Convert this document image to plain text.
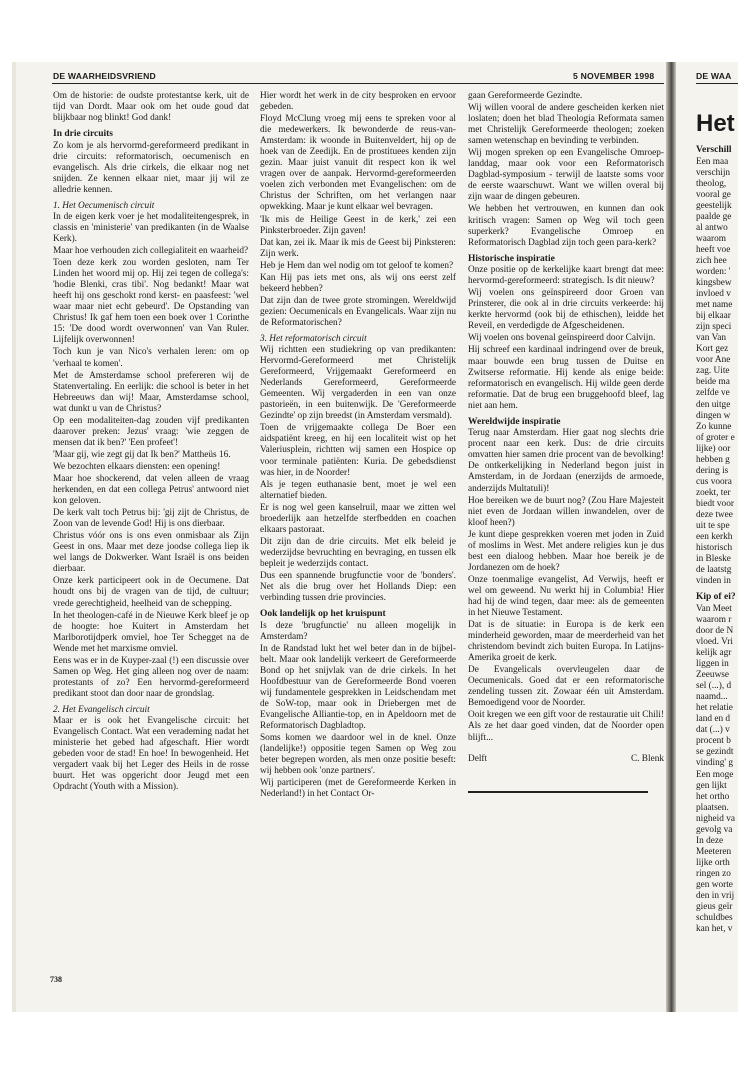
DE WAARHEIDSVRIEND	5 NOVEMBER 1998

Om de historie: de oudste protestantse kerk, uit de tijd van Dordt. Maar ook om het oude goud dat blijkbaar nog blinkt! God dank!

In drie circuits

Zo kom je als hervormd-gereformeerd predikant in drie circuits: reformatorisch, oecumenisch en evangelisch. Als drie cirkels, die elkaar nog net snijden. Ze kennen elkaar niet, maar jij wil ze alledrie kennen.

1. Het Oecumenisch circuit

In de eigen kerk voer je het modaliteitengesprek, in classis en 'ministerie' van predikanten (in de Waalse Kerk).

Maar hoe verhouden zich collegialiteit en waarheid?

Toen deze kerk zou worden gesloten, nam Ter Linden het woord mij op. Hij zei tegen de collega's: 'hodie Blenki, cras tibi'. Nog bedankt! Maar wat heeft hij ons geschokt rond kerst- en paasfeest: 'wel waar maar niet echt gebeurd'. De Opstanding van Christus! Ik gaf hem toen een boek over 1 Corinthe 15: 'De dood wordt overwonnen' van Van Ruler. Lijfelijk overwonnen!

Toch kun je van Nico's verhalen leren: om op 'verhaal te komen'.

Met de Amsterdamse school prefereren wij de Statenvertaling. En eerlijk: die school is beter in het Hebreeuws dan wij! Maar, Amsterdamse school, wat dunkt u van de Christus?

Op een modaliteiten-dag zouden vijf predikanten daarover preken: Jezus' vraag: 'wie zeggen de mensen dat ik ben?' 'Een profeet'!

'Maar gij, wie zegt gij dat Ik ben?' Mattheüs 16.

We bezochten elkaars diensten: een opening!

Maar hoe shockerend, dat velen alleen de vraag herkenden, en dat een collega Petrus' antwoord niet kon geloven.

De kerk valt toch Petrus bij: 'gij zijt de Christus, de Zoon van de levende God! Hij is ons dierbaar.

Christus vóór ons is ons even onmisbaar als Zijn Geest in ons. Maar met deze joodse collega liep ik wel langs de Dokwerker. Want Israël is ons beiden dierbaar.

Onze kerk participeert ook in de Oecumene. Dat houdt ons bij de vragen van de tijd, de cultuur; vrede gerechtigheid, heelheid van de schepping.

In het theologen-café in de Nieuwe Kerk bleef je op de hoogte: hoe Kuitert in Amsterdam het Marlborotijdperk omviel, hoe Ter Schegget na de Wende met het marxisme omviel.

Eens was er in de Kuyper-zaal (!) een discussie over Samen op Weg. Het ging alleen nog over de naam: protestants of zo? Een hervormd-gereformeerd predikant stoot dan door naar de grondslag.

2. Het Evangelisch circuit

Maar er is ook het Evangelische circuit: het Evangelisch Contact. Wat een verademing nadat het ministerie het gebed had afgeschaft. Hier wordt gebeden voor de stad! En hoe! In bewogenheid. Het vergadert vaak bij het Leger des Heils in de rosse buurt. Het was opgericht door Jeugd met een Opdracht (Youth with a Mission).

Hier wordt het werk in de city besproken en ervoor gebeden.

Floyd McClung vroeg mij eens te spreken voor al die medewerkers. Ik bewonderde de reus-van-Amsterdam: ik woonde in Buitenveldert, hij op de hoek van de Zeedijk. En de prostituees kenden zijn gezin. Maar juist vanuit dit respect kon ik wel vragen over de aanpak. Hervormd-gereformeerden voelen zich verbonden met Evangelischen: om de Christus der Schriften, om het verlangen naar opwekking. Maar je kunt elkaar wel bevragen.

'Ik mis de Heilige Geest in de kerk,' zei een Pinksterbroeder. Zijn gaven!

Dat kan, zei ik. Maar ik mis de Geest bij Pinksteren: Zijn werk.

Heb je Hem dan wel nodig om tot geloof te komen?

Kan Hij pas iets met ons, als wij ons eerst zelf bekeerd hebben?

Dat zijn dan de twee grote stromingen. Wereldwijd gezien: Oecumenicals en Evangelicals. Waar zijn nu de Reformatorischen?

3. Het reformatorisch circuit

Wij richtten een studiekring op van predikanten: Hervormd-Gereformeerd met Christelijk Gereformeerd, Vrijgemaakt Gereformeerd en Nederlands Gereformeerd, Gereformeerde Gemeenten. Wij vergaderden in een van onze pastorieën, in een buitenwijk. De 'Gereformeerde Gezindte' op zijn breedst (in Amsterdam versmald).

Toen de vrijgemaakte collega De Boer een aidspatiënt kreeg, en hij een localiteit wist op het Valeriusplein, richtten wij samen een Hospice op voor terminale patiënten: Kuria. De gebedsdienst was hier, in de Noorder!

Als je tegen euthanasie bent, moet je wel een alternatief bieden.

Er is nog wel geen kanselruil, maar we zitten wel broederlijk aan hetzelfde sterfbedden en coachen elkaars pastoraat.

Dit zijn dan de drie circuits. Met elk beleid je wederzijdse bevruchting en bevraging, en tussen elk bepleit je wederzijds contact.

Dus een spannende brugfunctie voor de 'bonders'. Net als die brug over het Hollands Diep: een verbinding tussen drie provincies.

Ook landelijk op het kruispunt

Is deze 'brugfunctie' nu alleen mogelijk in Amsterdam?

In de Randstad lukt het wel beter dan in de bijbel-belt. Maar ook landelijk verkeert de Gereformeerde Bond op het snijvlak van de drie cirkels. In het Hoofdbestuur van de Gereformeerde Bond voeren wij fundamentele gesprekken in Leidschendam met de SoW-top, maar ook in Driebergen met de Evangelische Alliantie-top, en in Apeldoorn met de Reformatorisch Dagbladtop.

Soms komen we daardoor wel in de knel. Onze (landelijke!) oppositie tegen Samen op Weg zou beter begrepen worden, als men onze positie beseft: wij hebben ook 'onze partners'.

Wij participeren (met de Gereformeerde Kerken in Nederland!) in het Contact Or-

gaan Gereformeerde Gezindte.

Wij willen vooral de andere gescheiden kerken niet loslaten; doen het blad Theologia Reformata samen met Christelijk Gereformeerde theologen; zoeken samen wetenschap en bevinding te verbinden.

Wij mogen spreken op een Evangelische Omroep-landdag, maar ook voor een Reformatorisch Dagblad-symposium - terwijl de laatste soms voor de eerste waarschuwt. Want we willen overal bij zijn waar de dingen gebeuren.

We hebben het vertrouwen, en kunnen dan ook kritisch vragen: Samen op Weg wil toch geen superkerk? Evangelische Omroep en Reformatorisch Dagblad zijn toch geen para-kerk?

Historische inspiratie

Onze positie op de kerkelijke kaart brengt dat mee: hervormd-gereformeerd: strategisch. Is dit nieuw?

Wij voelen ons geïnspireerd door Groen van Prinsterer, die ook al in drie circuits verkeerde: hij kerkte hervormd (ook bij de ethischen), leidde het Reveil, en verdedigde de Afgescheidenen.

Wij voelen ons bovenal geïnspireerd door Calvijn.

Hij schreef een kardinaal indringend over de breuk, maar bouwde een brug tussen de Duitse en Zwitserse reformatie. Hij kende als enige beide: reformatorisch en evangelisch. Hij wilde geen derde reformatie. Dat de brug een bruggehoofd bleef, lag niet aan hem.

Wereldwijde inspiratie

Terug naar Amsterdam. Hier gaat nog slechts drie procent naar een kerk. Dus: de drie circuits omvatten hier samen drie procent van de bevolking! De ontkerkelijking in Nederland begon juist in Amsterdam, in de Jordaan (enerzijds de armoede, anderzijds Multatuli)!

Hoe bereiken we de buurt nog? (Zou Hare Majesteit niet even de Jordaan willen inwandelen, over de kloof heen?)

Je kunt diepe gesprekken voeren met joden in Zuid of moslims in West. Met andere religies kun je dus best een dialoog hebben. Maar hoe bereik je de Jordanezen om de hoek?

Onze toenmalige evangelist, Ad Verwijs, heeft er wel om geweend. Nu werkt hij in Columbia! Hier had hij de wind tegen, daar mee: als de gemeenten in het Nieuwe Testament.

Dat is de situatie: in Europa is de kerk een minderheid geworden, maar de meerderheid van het christendom bevindt zich buiten Europa. In Latijns-Amerika groeit de kerk.

De Evangelicals overvleugelen daar de Oecumenicals. Goed dat er een reformatorische zendeling tussen zit. Zowaar één uit Amsterdam. Bemoedigend voor de Noorder.

Ooit kregen we een gift voor de restauratie uit Chili! Als ze het daar goed vinden, dat de Noorder open blijft...

Delft	C. Blenk
738
DE WAA
Het
Verschill
Een maa
verschijn
theolog,
vooral ge
geestelijk
paalde ge
al antwo
waarom
heeft voe
zich hee
worden: '
kingsbew
invloed v
met name
bij elkaar
zijn speci
van Van
Kort gez
voor Ane
zag. Uite
beide ma
zelfde ve
den uitge
dingen w
Zo kunne
of groter e
lijke) oor
hebben g
dering is
cus voora
zoekt, ter
biedt voor
deze twee
uit te spe
een kerkh
historisch
in Bleske
de laatstg
vinden in
Kip of ei?
Van Meet
waarom r
door de N
vloed. Vri
kelijk agr
liggen in
Zeeuwse
sel (...), d
naamd...
het relatie
land en d
dat (...) v
procent b
se gezindt
vinding' g
Een moge
gen lijkt
het ortho
plaatsen.
nigheid va
gevolg va
In deze
Meeteren
lijke orth
ringen zo
gen worte
den in vrij
gieus geïr
schuldbes
kan het, v
